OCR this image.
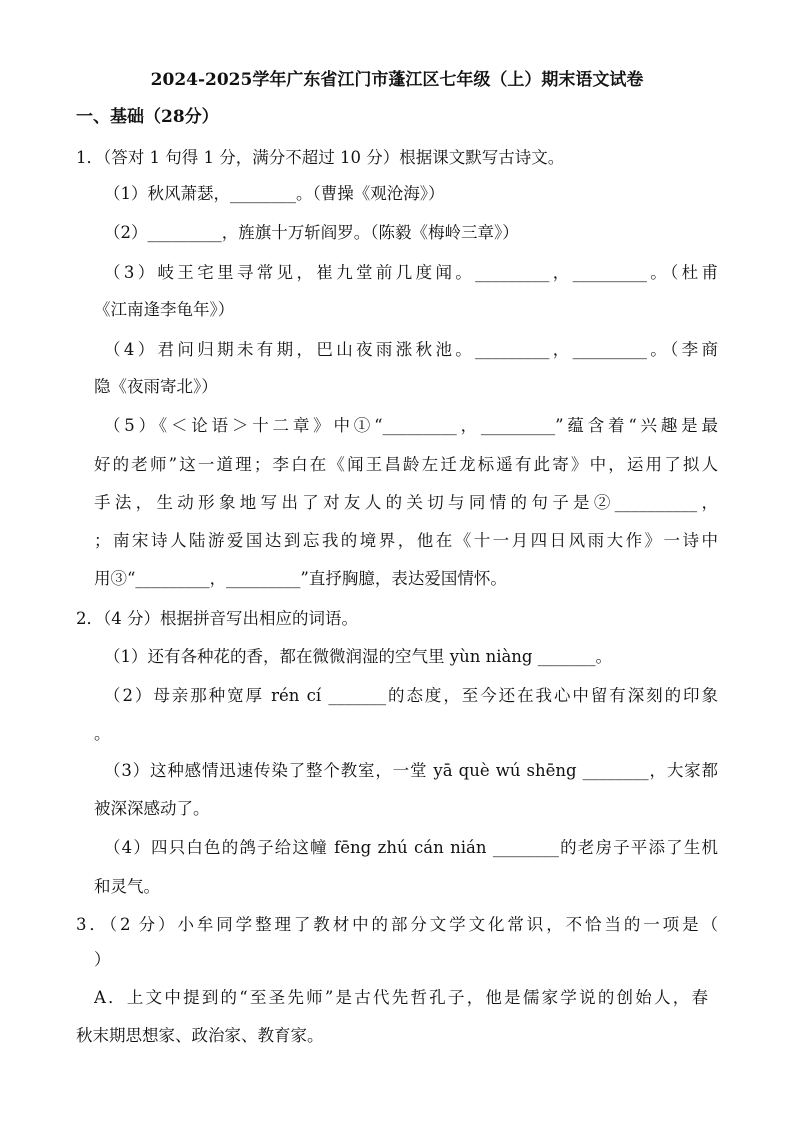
2024-2025学年广东省江门市蓬江区七年级（上）期末语文试卷
一、基础（28分）
1．（答对 1 句得 1 分，满分不超过 10 分）根据课文默写古诗文。
（1）秋风萧瑟，________。（曹操《观沧海》）
（2）_________，旌旗十万斩阎罗。（陈毅《梅岭三章》）
（3）岐王宅里寻常见，崔九堂前几度闻。_________，_________。（杜甫
《江南逢李龟年》）
（4）君问归期未有期，巴山夜雨涨秋池。_________，_________。（李商
隐《夜雨寄北》）
（5）《＜论语＞十二章》中①“_________，_________”蕴含着“兴趣是最
好的老师”这一道理；李白在《闻王昌龄左迁龙标遥有此寄》中，运用了拟人
手法，生动形象地写出了对友人的关切与同情的句子是②__________，
；南宋诗人陆游爱国达到忘我的境界，他在《十一月四日风雨大作》一诗中
用③“_________，_________”直抒胸臆，表达爱国情怀。
2．（4 分）根据拼音写出相应的词语。
（1）还有各种花的香，都在微微润湿的空气里 yùn niàng _______。
（2）母亲那种宽厚 rén cí _______的态度，至今还在我心中留有深刻的印象
。
（3）这种感情迅速传染了整个教室，一堂 yā què wú shēng ________，大家都
被深深感动了。
（4）四只白色的鸽子给这幢 fēng zhú cán nián ________的老房子平添了生机
和灵气。
3．（2 分）小牟同学整理了教材中的部分文学文化常识，不恰当的一项是（
）
A．上文中提到的“至圣先师”是古代先哲孔子，他是儒家学说的创始人，春
秋末期思想家、政治家、教育家。
